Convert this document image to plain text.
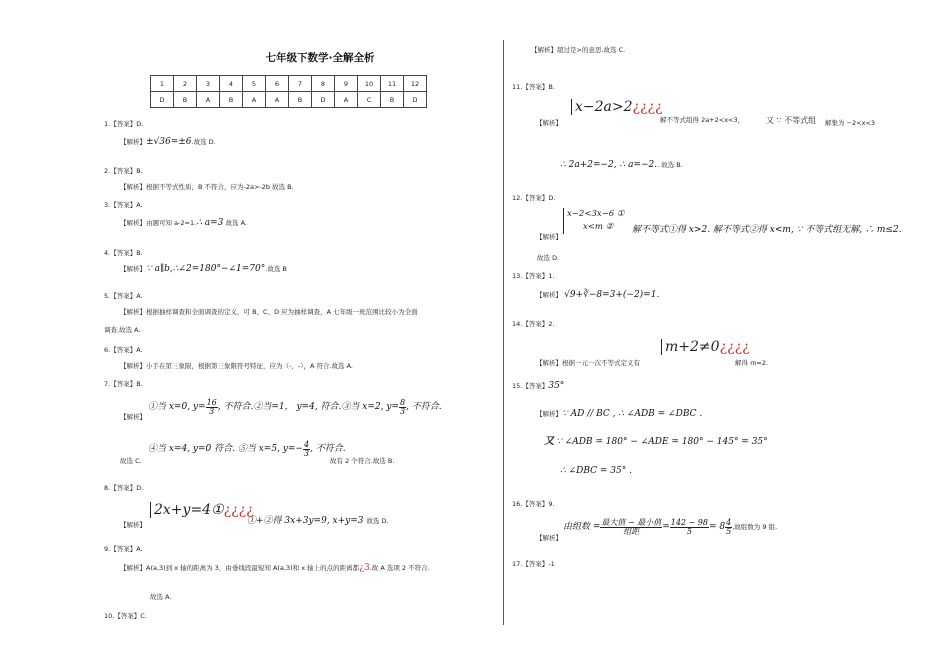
七年级下数学·全解全析
1	2	3	4	5	6	7	8	9	10	11	12
D	B	A	B	A	A	B	D	A	C	B	D
1.【答案】D.
【解析】±√36=±6.故选 D.
2.【答案】B.
【解析】根据不等式性质，B 不符合，应为-2a>-2b 故选 B.
3.【答案】A.
【解析】由题可知 a-2=1.∴ a=3 故选 A.
4.【答案】B.
【解析】∵ a∥b,∴∠2=180°−∠1=70°.故选 B
5.【答案】A.
【解析】根据抽样调查和全面调查的定义，可 B、C、D 应为抽样调查，A 七年级一班范围比较小为全面
调查.故选 A.
6.【答案】A.
【解析】小手在第三象限，根据第三象限符号特征，应为（-，-），A 符合.故选 A.
7.【答案】B.
【解析】
①当 x=0, $y= \frac{16}{3}$ , 不符合.②当=1， y=4, 符合.③当 x=2, $y= \frac{8}{3}$ , 不符合.
④当 x=4, y=0 符合. ⑤当 x=5, $y=- \frac{4}{3}$ , 不符合.
故选 C.	故有 2 个符合.故选 B.
8.【答案】D.
【解析】
2x+y=4①¿¿¿¿
①+②得 3x+3y=9, x+y=3 故选 D.
9.【答案】A.
【解析】A(a,3)到 x 轴的距离为 3，由垂线段最短知 A(a,3)和 x 轴上的点的距离都¿3.故 A 选项 2 不符合.
故选 A.
10.【答案】C.
【解析】超过是>的意思.故选 C.
11.【答案】B.
【解析】
x−2a>2¿¿¿¿
解不等式组得 2a+2<x<3，	又 ∵ 不等式组 解集为 −2<x<3
∴ 2a+2=−2, ∴ a=−2.. 故选 B.
12.【答案】D.
【解析】
x−2<3x−6 ①
x<m ②	解不等式①得 x>2. 解不等式②得 x<m, ∵ 不等式组无解, ∴ m≤2.
故选 D.
13.【答案】1.
【解析】 √9+∛−8=3+(−2)=1.
14.【答案】2.
【解析】根据一元一次不等式定义有
m+2≠0¿¿¿¿
解得 m=2.
15.【答案】35°
【解析】∵ AD // BC , ∴ ∠ADB = ∠DBC .
又 ∵ ∠ADB = 180° − ∠ADE = 180° − 145° = 35°
∴ ∠DBC = 35° .
16.【答案】9.
【解析】
由组数 = $\frac{\text{最大值 − 最小值}}{\text{组距}} = \frac{142 - 98}{5} = 8 \frac{4}{5}$ ,故组数为 9 组.
17.【答案】-1
